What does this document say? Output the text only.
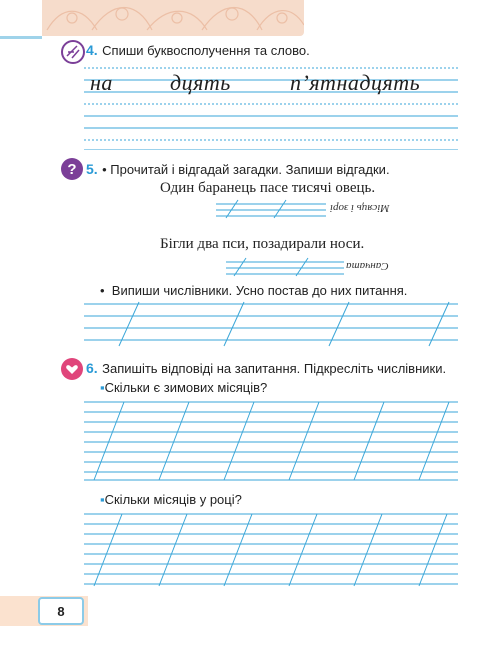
4. Спиши буквосполучення та слово.
на	дцять	п’ятнадцять
? 5. • Прочитай і відгадай загадки. Запиши відгадки.
Один баранець пасе тисячі овець.
Місяць і зорі
Бігли два пси, позадирали носи.
Санчата
•  Випиши числівники. Усно постав до них питання.
6. Запишіть відповіді на запитання. Підкресліть числівники.
▪Скільки є зимових місяців?
▪Скільки місяців у році?
8
